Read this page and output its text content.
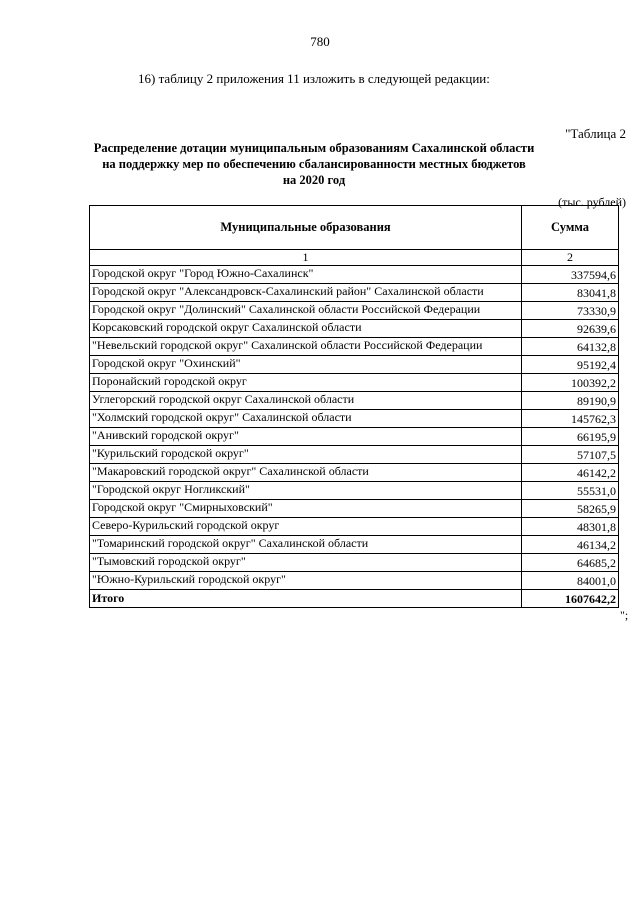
780
16) таблицу 2 приложения 11 изложить в следующей редакции:
"Таблица 2
Распределение дотации муниципальным образованиям Сахалинской области
на поддержку мер по обеспечению сбалансированности местных бюджетов
на 2020 год
(тыс. рублей)
Муниципальные образования	Сумма
1	2
Городской округ "Город Южно-Сахалинск"	337594,6
Городской округ "Александровск-Сахалинский район" Сахалинской области	83041,8
Городской округ "Долинский" Сахалинской области Российской Федерации	73330,9
Корсаковский городской округ Сахалинской области	92639,6
"Невельский городской округ" Сахалинской области Российской Федерации	64132,8
Городской округ "Охинский"	95192,4
Поронайский городской округ	100392,2
Углегорский городской округ Сахалинской области	89190,9
"Холмский городской округ" Сахалинской области	145762,3
"Анивский городской округ"	66195,9
"Курильский городской округ"	57107,5
"Макаровский городской округ" Сахалинской области	46142,2
"Городской округ Ногликский"	55531,0
Городской округ "Смирныховский"	58265,9
Северо-Курильский городской округ	48301,8
"Томаринский городской округ" Сахалинской области	46134,2
"Тымовский городской округ"	64685,2
"Южно-Курильский городской округ"	84001,0
Итого	1607642,2
";
